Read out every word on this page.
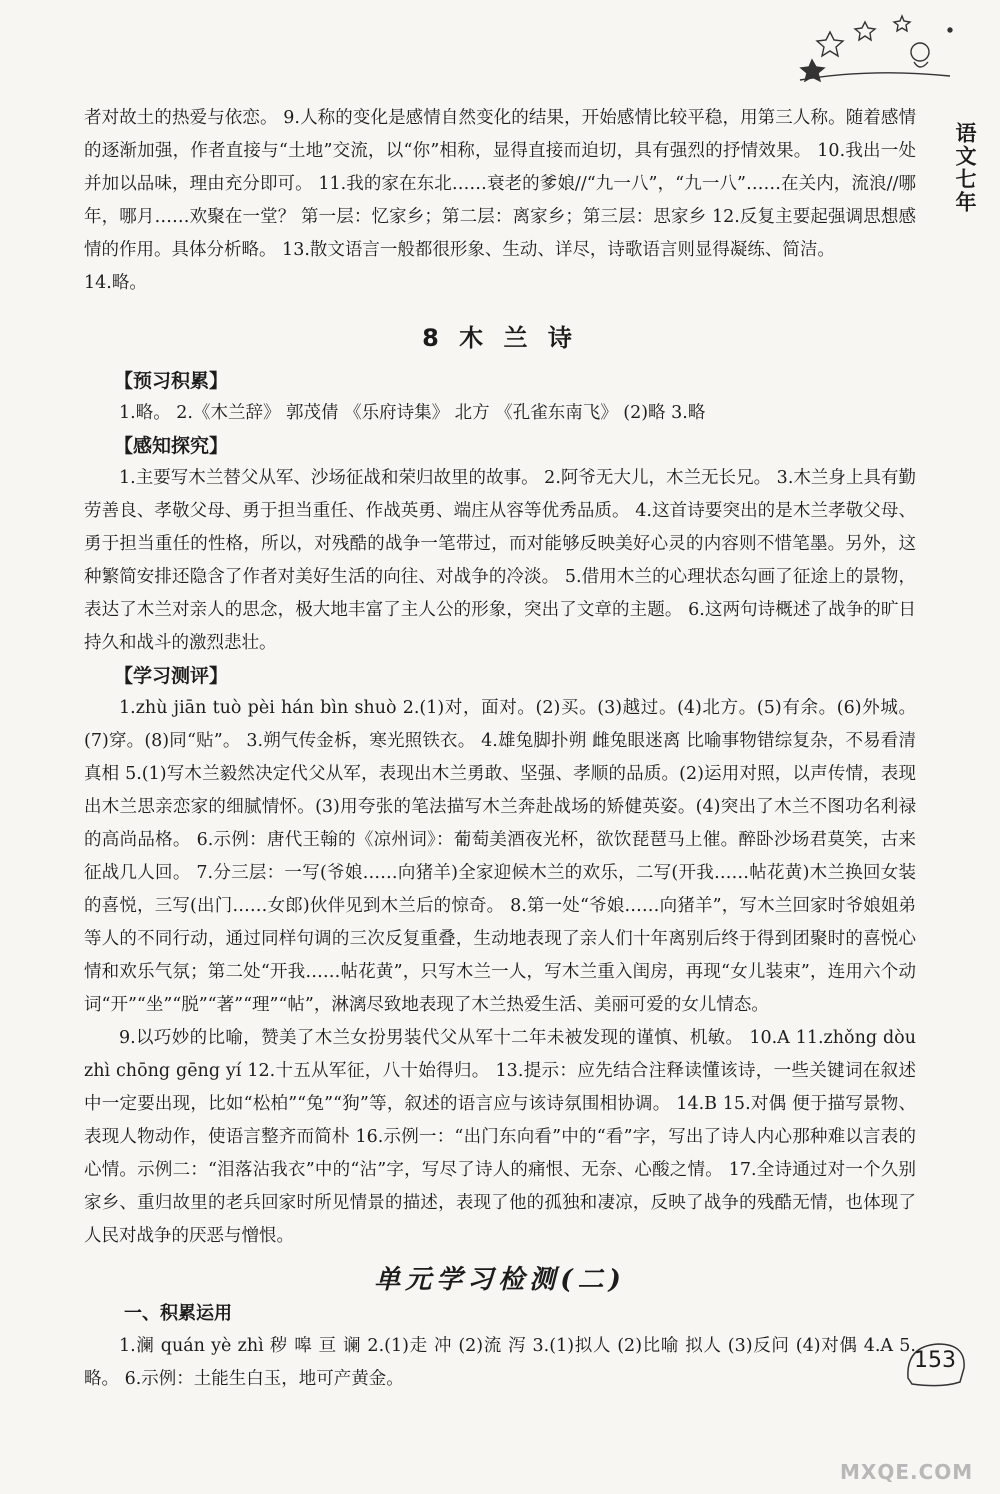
语文七年

者对故土的热爱与依恋。 9.人称的变化是感情自然变化的结果，开始感情比较平稳，用第三人称。随着感情的逐渐加强，作者直接与“土地”交流，以“你”相称，显得直接而迫切，具有强烈的抒情效果。 10.我出一处并加以品味，理由充分即可。 11.我的家在东北……衰老的爹娘//“九一八”，“九一八”……在关内，流浪//哪年，哪月……欢聚在一堂？ 第一层：忆家乡；第二层：离家乡；第三层：思家乡 12.反复主要起强调思想感情的作用。具体分析略。 13.散文语言一般都很形象、生动、详尽，诗歌语言则显得凝练、简洁。

14.略。

8 木 兰 诗
【预习积累】

1.略。 2.《木兰辞》 郭茂倩 《乐府诗集》 北方 《孔雀东南飞》 (2)略 3.略

【感知探究】

1.主要写木兰替父从军、沙场征战和荣归故里的故事。 2.阿爷无大儿，木兰无长兄。 3.木兰身上具有勤劳善良、孝敬父母、勇于担当重任、作战英勇、端庄从容等优秀品质。 4.这首诗要突出的是木兰孝敬父母、勇于担当重任的性格，所以，对残酷的战争一笔带过，而对能够反映美好心灵的内容则不惜笔墨。另外，这种繁简安排还隐含了作者对美好生活的向往、对战争的冷淡。 5.借用木兰的心理状态勾画了征途上的景物，表达了木兰对亲人的思念，极大地丰富了主人公的形象，突出了文章的主题。 6.这两句诗概述了战争的旷日持久和战斗的激烈悲壮。

【学习测评】

1.zhù jiān tuò pèi hán bìn shuò 2.(1)对，面对。(2)买。(3)越过。(4)北方。(5)有余。(6)外城。(7)穿。(8)同“贴”。 3.朔气传金柝，寒光照铁衣。 4.雄兔脚扑朔 雌兔眼迷离 比喻事物错综复杂，不易看清真相 5.(1)写木兰毅然决定代父从军，表现出木兰勇敢、坚强、孝顺的品质。(2)运用对照，以声传情，表现出木兰思亲恋家的细腻情怀。(3)用夸张的笔法描写木兰奔赴战场的矫健英姿。(4)突出了木兰不图功名利禄的高尚品格。 6.示例：唐代王翰的《凉州词》：葡萄美酒夜光杯，欲饮琵琶马上催。醉卧沙场君莫笑，古来征战几人回。 7.分三层：一写(爷娘……向猪羊)全家迎候木兰的欢乐，二写(开我……帖花黄)木兰换回女装的喜悦，三写(出门……女郎)伙伴见到木兰后的惊奇。 8.第一处“爷娘……向猪羊”，写木兰回家时爷娘姐弟等人的不同行动，通过同样句调的三次反复重叠，生动地表现了亲人们十年离别后终于得到团聚时的喜悦心情和欢乐气氛；第二处“开我……帖花黄”，只写木兰一人，写木兰重入闺房，再现“女儿装束”，连用六个动词“开”“坐”“脱”“著”“理”“帖”，淋漓尽致地表现了木兰热爱生活、美丽可爱的女儿情态。

9.以巧妙的比喻，赞美了木兰女扮男装代父从军十二年未被发现的谨慎、机敏。 10.A 11.zhǒng dòu zhì chōng gēng yí 12.十五从军征，八十始得归。 13.提示：应先结合注释读懂该诗，一些关键词在叙述中一定要出现，比如“松柏”“兔”“狗”等，叙述的语言应与该诗氛围相协调。 14.B 15.对偶 便于描写景物、表现人物动作，使语言整齐而简朴 16.示例一：“出门东向看”中的“看”字，写出了诗人内心那种难以言表的心情。示例二：“泪落沾我衣”中的“沾”字，写尽了诗人的痛恨、无奈、心酸之情。 17.全诗通过对一个久别家乡、重归故里的老兵回家时所见情景的描述，表现了他的孤独和凄凉，反映了战争的残酷无情，也体现了人民对战争的厌恶与憎恨。

单元学习检测(二)
一、积累运用

1.澜 quán yè zhì 秽 嗥 亘 谰 2.(1)走 冲 (2)流 泻 3.(1)拟人 (2)比喻 拟人 (3)反问 (4)对偶 4.A 5.略。 6.示例：土能生白玉，地可产黄金。

153
MXQE.COM
